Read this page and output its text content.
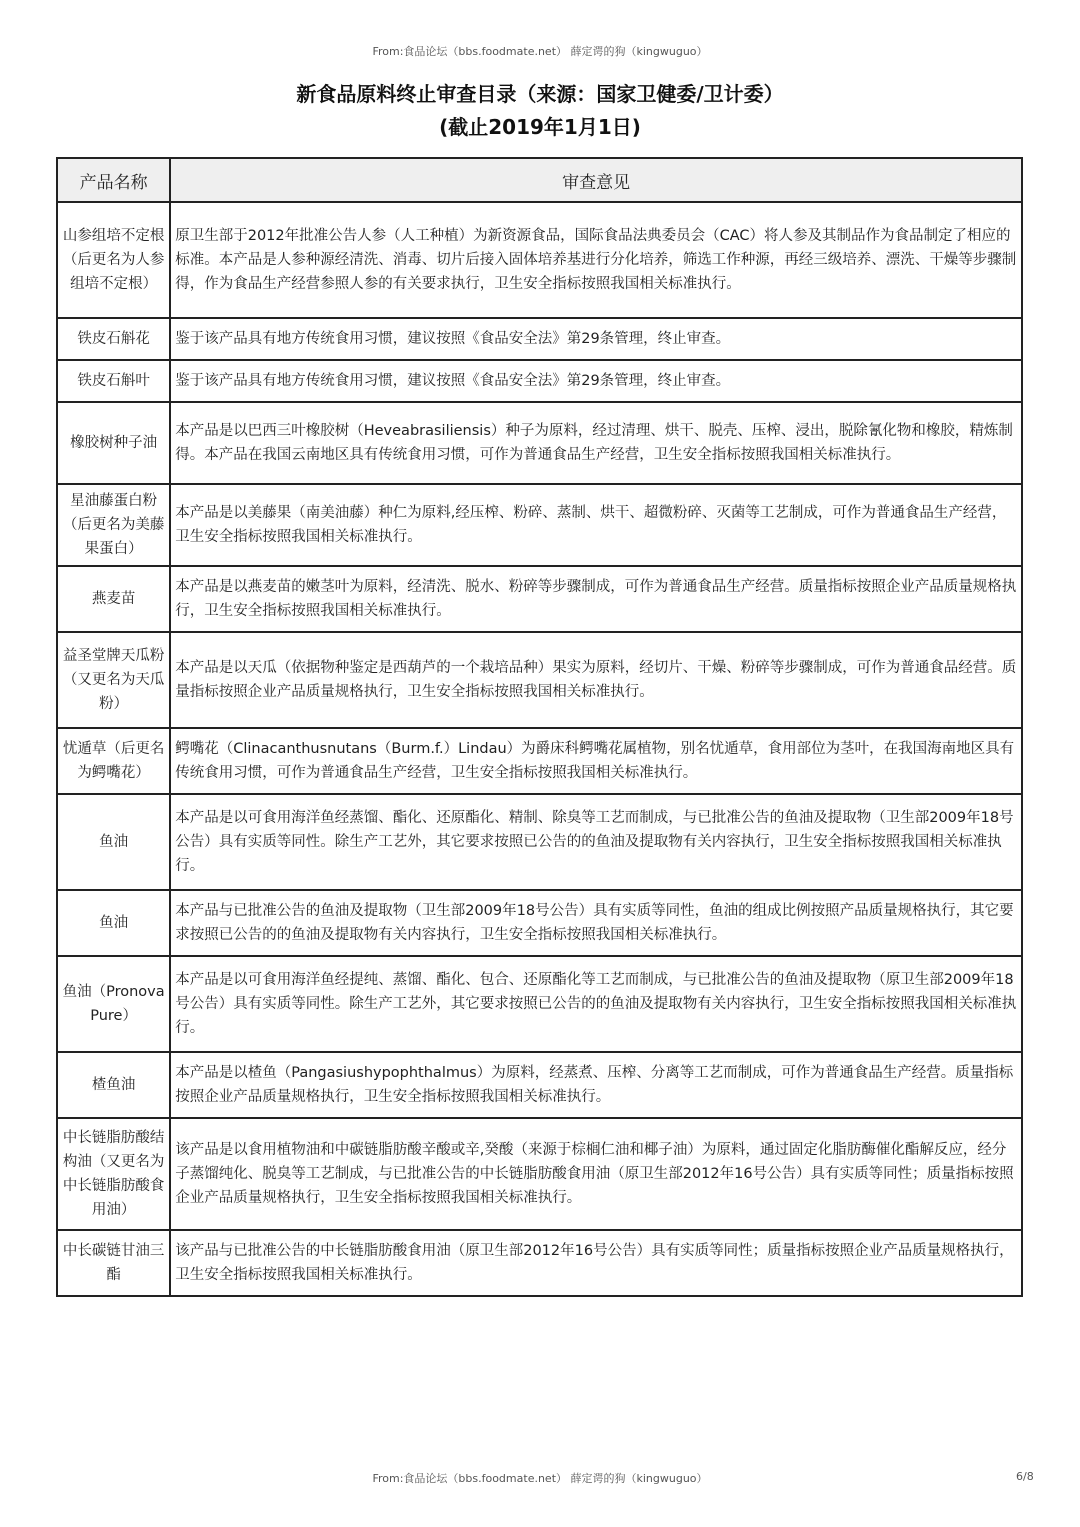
From:食品论坛（bbs.foodmate.net） 薛定谔的狗（kingwuguo）
新食品原料终止审查目录（来源：国家卫健委/卫计委）
(截止2019年1月1日)
产品名称	审查意见
山参组培不定根（后更名为人参组培不定根）	原卫生部于2012年批准公告人参（人工种植）为新资源食品，国际食品法典委员会（CAC）将人参及其制品作为食品制定了相应的标准。本产品是人参种源经清洗、消毒、切片后接入固体培养基进行分化培养，筛选工作种源，再经三级培养、漂洗、干燥等步骤制得，作为食品生产经营参照人参的有关要求执行，卫生安全指标按照我国相关标准执行。
铁皮石斛花	鉴于该产品具有地方传统食用习惯，建议按照《食品安全法》第29条管理，终止审查。
铁皮石斛叶	鉴于该产品具有地方传统食用习惯，建议按照《食品安全法》第29条管理，终止审查。
橡胶树种子油	本产品是以巴西三叶橡胶树（Heveabrasiliensis）种子为原料，经过清理、烘干、脱壳、压榨、浸出，脱除氰化物和橡胶，精炼制得。本产品在我国云南地区具有传统食用习惯，可作为普通食品生产经营，卫生安全指标按照我国相关标准执行。
星油藤蛋白粉（后更名为美藤果蛋白）	本产品是以美藤果（南美油藤）种仁为原料,经压榨、粉碎、蒸制、烘干、超微粉碎、灭菌等工艺制成，可作为普通食品生产经营，卫生安全指标按照我国相关标准执行。
燕麦苗	本产品是以燕麦苗的嫩茎叶为原料，经清洗、脱水、粉碎等步骤制成，可作为普通食品生产经营。质量指标按照企业产品质量规格执行，卫生安全指标按照我国相关标准执行。
益圣堂牌天瓜粉（又更名为天瓜粉）	本产品是以天瓜（依据物种鉴定是西葫芦的一个栽培品种）果实为原料，经切片、干燥、粉碎等步骤制成，可作为普通食品经营。质量指标按照企业产品质量规格执行，卫生安全指标按照我国相关标准执行。
忧遁草（后更名为鳄嘴花）	鳄嘴花（Clinacanthusnutans（Burm.f.）Lindau）为爵床科鳄嘴花属植物，别名忧遁草，食用部位为茎叶，在我国海南地区具有传统食用习惯，可作为普通食品生产经营，卫生安全指标按照我国相关标准执行。
鱼油	本产品是以可食用海洋鱼经蒸馏、酯化、还原酯化、精制、除臭等工艺而制成，与已批准公告的鱼油及提取物（卫生部2009年18号公告）具有实质等同性。除生产工艺外，其它要求按照已公告的的鱼油及提取物有关内容执行，卫生安全指标按照我国相关标准执行。
鱼油	本产品与已批准公告的鱼油及提取物（卫生部2009年18号公告）具有实质等同性，鱼油的组成比例按照产品质量规格执行，其它要求按照已公告的的鱼油及提取物有关内容执行，卫生安全指标按照我国相关标准执行。
鱼油（PronovaPure）	本产品是以可食用海洋鱼经提纯、蒸馏、酯化、包合、还原酯化等工艺而制成，与已批准公告的鱼油及提取物（原卫生部2009年18号公告）具有实质等同性。除生产工艺外，其它要求按照已公告的的鱼油及提取物有关内容执行，卫生安全指标按照我国相关标准执行。
楂鱼油	本产品是以楂鱼（Pangasiushypophthalmus）为原料，经蒸煮、压榨、分离等工艺而制成，可作为普通食品生产经营。质量指标按照企业产品质量规格执行，卫生安全指标按照我国相关标准执行。
中长链脂肪酸结构油（又更名为中长链脂肪酸食用油）	该产品是以食用植物油和中碳链脂肪酸辛酸或辛,癸酸（来源于棕榈仁油和椰子油）为原料，通过固定化脂肪酶催化酯解反应，经分子蒸馏纯化、脱臭等工艺制成，与已批准公告的中长链脂肪酸食用油（原卫生部2012年16号公告）具有实质等同性；质量指标按照企业产品质量规格执行，卫生安全指标按照我国相关标准执行。
中长碳链甘油三酯	该产品与已批准公告的中长链脂肪酸食用油（原卫生部2012年16号公告）具有实质等同性；质量指标按照企业产品质量规格执行，卫生安全指标按照我国相关标准执行。
From:食品论坛（bbs.foodmate.net） 薛定谔的狗（kingwuguo）	6/8
